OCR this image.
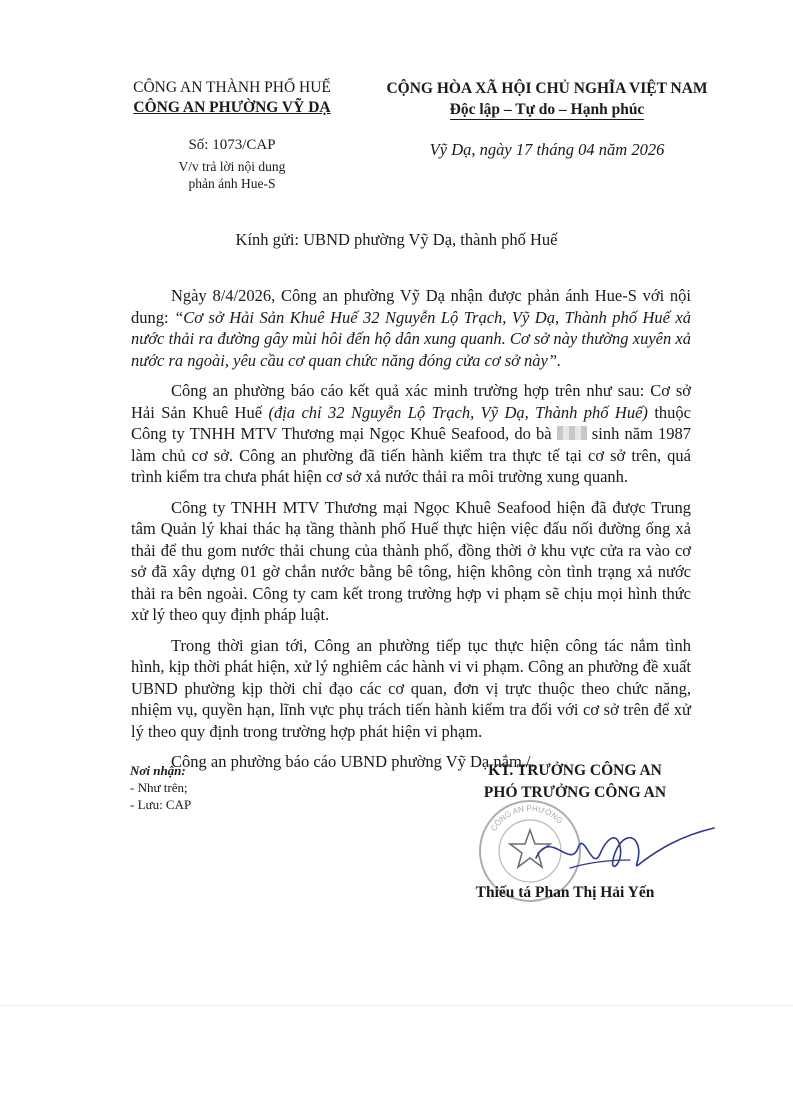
CÔNG AN THÀNH PHỐ HUẾ
CÔNG AN PHƯỜNG VỸ DẠ
CỘNG HÒA XÃ HỘI CHỦ NGHĨA VIỆT NAM
Độc lập – Tự do – Hạnh phúc
Số: 1073/CAP
V/v trả lời nội dung
phản ánh Hue-S
Vỹ Dạ, ngày 17 tháng 04 năm 2026
Kính gửi: UBND phường Vỹ Dạ, thành phố Huế

Ngày 8/4/2026, Công an phường Vỹ Dạ nhận được phản ánh Hue-S với nội dung: “Cơ sở Hải Sản Khuê Huế 32 Nguyễn Lộ Trạch, Vỹ Dạ, Thành phố Huế xả nước thải ra đường gây mùi hôi đến hộ dân xung quanh. Cơ sở này thường xuyên xả nước ra ngoài, yêu cầu cơ quan chức năng đóng cửa cơ sở này”.

Công an phường báo cáo kết quả xác minh trường hợp trên như sau: Cơ sở Hải Sản Khuê Huế (địa chỉ 32 Nguyễn Lộ Trạch, Vỹ Dạ, Thành phố Huế) thuộc Công ty TNHH MTV Thương mại Ngọc Khuê Seafood, do bà  sinh năm 1987 làm chủ cơ sở. Công an phường đã tiến hành kiểm tra thực tế tại cơ sở trên, quá trình kiểm tra chưa phát hiện cơ sở xả nước thải ra môi trường xung quanh.

Công ty TNHH MTV Thương mại Ngọc Khuê Seafood hiện đã được Trung tâm Quản lý khai thác hạ tầng thành phố Huế thực hiện việc đấu nối đường ống xả thải để thu gom nước thải chung của thành phố, đồng thời ở khu vực cửa ra vào cơ sở đã xây dựng 01 gờ chắn nước bằng bê tông, hiện không còn tình trạng xả nước thải ra bên ngoài. Công ty cam kết trong trường hợp vi phạm sẽ chịu mọi hình thức xử lý theo quy định pháp luật.

Trong thời gian tới, Công an phường tiếp tục thực hiện công tác nắm tình hình, kịp thời phát hiện, xử lý nghiêm các hành vi vi phạm. Công an phường đề xuất UBND phường kịp thời chỉ đạo các cơ quan, đơn vị trực thuộc theo chức năng, nhiệm vụ, quyền hạn, lĩnh vực phụ trách tiến hành kiểm tra đối với cơ sở trên để xử lý theo quy định trong trường hợp phát hiện vi phạm.

Công an phường báo cáo UBND phường Vỹ Dạ nắm./.

Nơi nhận:
- Như trên;
- Lưu: CAP
KT. TRƯỞNG CÔNG AN
PHÓ TRƯỞNG CÔNG AN
CÔNG AN PHƯỜNG
Thiếu tá Phan Thị Hải Yến
